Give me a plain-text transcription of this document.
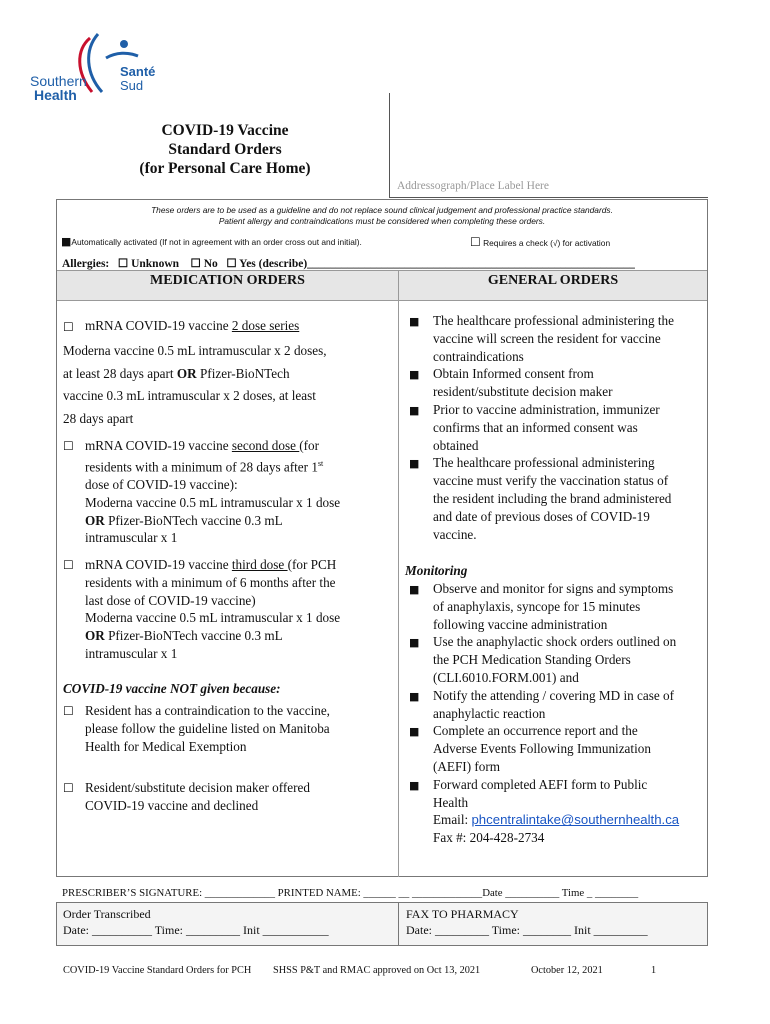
Southern
Health
Santé
Sud
COVID-19 Vaccine
Standard Orders
(for Personal Care Home)
Addressograph/Place Label Here
These orders are to be used as a guideline and do not replace sound clinical judgement and professional practice standards.
Patient allergy and contraindications must be considered when completing these orders.
■Automatically activated (If not in agreement with an order cross out and initial).	☐ Requires a check (√) for activation
Allergies: ☐ Unknown ☐ No ☐ Yes (describe)_________________________________________________________
MEDICATION ORDERS	GENERAL ORDERS
☐ mRNA COVID-19 vaccine 2 dose series
Moderna vaccine 0.5 mL intramuscular x 2 doses,
at least 28 days apart OR Pfizer-BioNTech
vaccine 0.3 mL intramuscular x 2 doses, at least
28 days apart
☐ mRNA COVID-19 vaccine second dose (for
residents with a minimum of 28 days after 1st
dose of COVID-19 vaccine):
Moderna vaccine 0.5 mL intramuscular x 1 dose
OR Pfizer-BioNTech vaccine 0.3 mL
intramuscular x 1
☐ mRNA COVID-19 vaccine third dose (for PCH
residents with a minimum of 6 months after the
last dose of COVID-19 vaccine)
Moderna vaccine 0.5 mL intramuscular x 1 dose
OR Pfizer-BioNTech vaccine 0.3 mL
intramuscular x 1
COVID-19 vaccine NOT given because:
☐ Resident has a contraindication to the vaccine,
please follow the guideline listed on Manitoba
Health for Medical Exemption
☐ Resident/substitute decision maker offered
COVID-19 vaccine and declined
■ The healthcare professional administering the
vaccine will screen the resident for vaccine
contraindications
■ Obtain Informed consent from
resident/substitute decision maker
■ Prior to vaccine administration, immunizer
confirms that an informed consent was
obtained
■ The healthcare professional administering
vaccine must verify the vaccination status of
the resident including the brand administered
and date of previous doses of COVID-19
vaccine.
Monitoring
■ Observe and monitor for signs and symptoms
of anaphylaxis, syncope for 15 minutes
following vaccine administration
■ Use the anaphylactic shock orders outlined on
the PCH Medication Standing Orders
(CLI.6010.FORM.001) and
■ Notify the attending / covering MD in case of
anaphylactic reaction
■ Complete an occurrence report and the
Adverse Events Following Immunization
(AEFI) form
■ Forward completed AEFI form to Public
Health
Email: phcentralintake@southernhealth.ca
Fax #: 204-428-2734
PRESCRIBER’S SIGNATURE: _____________ PRINTED NAME: ______ __ _____________Date __________ Time _ ________
Order Transcribed
Date: __________ Time: _________ Init ___________
FAX TO PHARMACY
Date: _________ Time: ________ Init _________
COVID-19 Vaccine Standard Orders for PCH SHSS P&T and RMAC approved on Oct 13, 2021	October 12, 2021	1
